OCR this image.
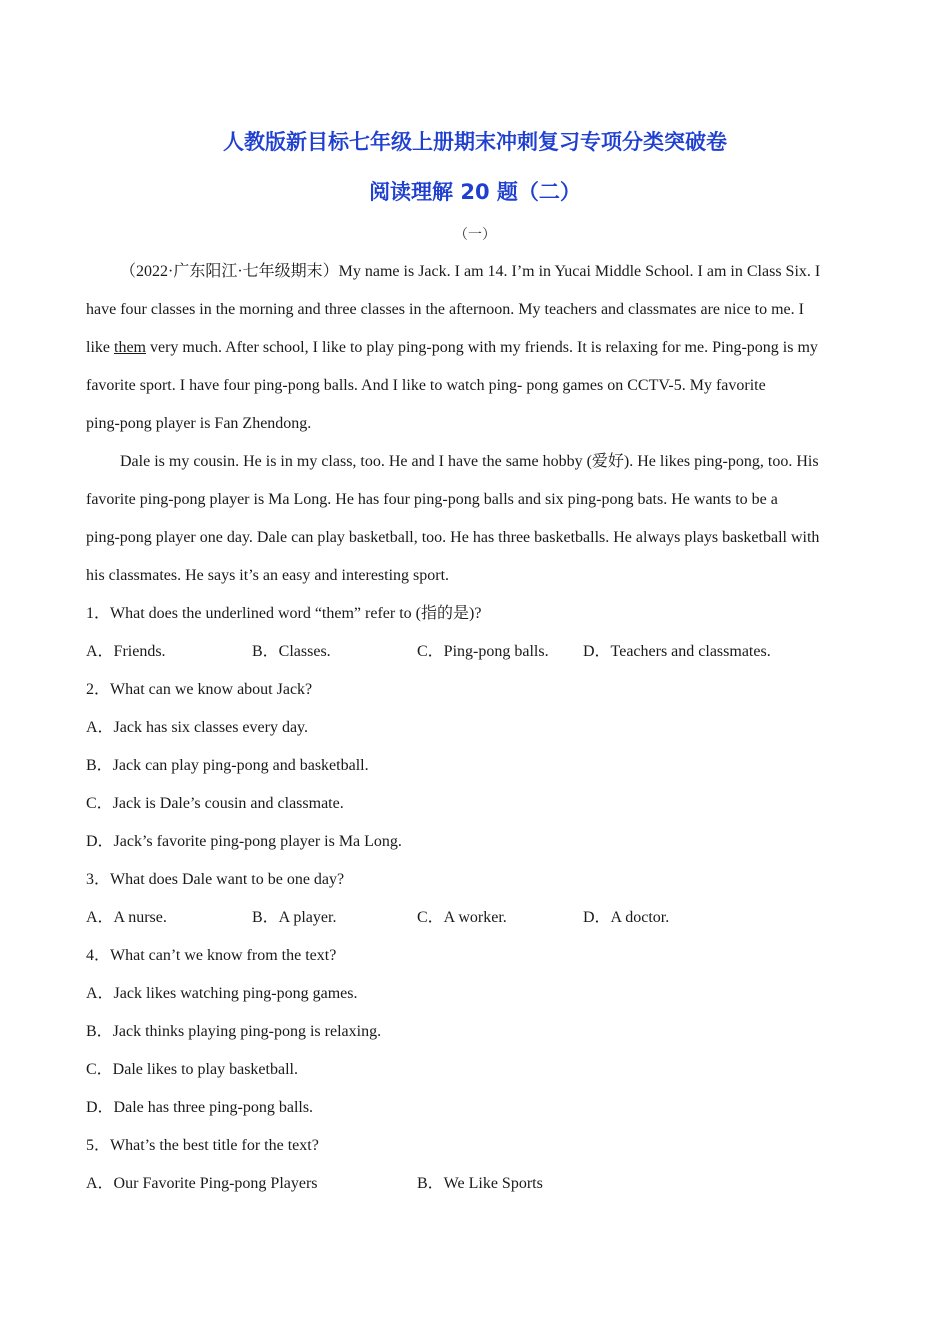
人教版新目标七年级上册期末冲刺复习专项分类突破卷
阅读理解 20 题（二）
（一）
（2022·广东阳江·七年级期末）My name is Jack. I am 14. I’m in Yucai Middle School. I am in Class Six. I
have four classes in the morning and three classes in the afternoon. My teachers and classmates are nice to me. I
like them very much. After school, I like to play ping-pong with my friends. It is relaxing for me. Ping-pong is my
favorite sport. I have four ping-pong balls. And I like to watch ping- pong games on CCTV-5. My favorite
ping-pong player is Fan Zhendong.
Dale is my cousin. He is in my class, too. He and I have the same hobby (爱好). He likes ping-pong, too. His
favorite ping-pong player is Ma Long. He has four ping-pong balls and six ping-pong bats. He wants to be a
ping-pong player one day. Dale can play basketball, too. He has three basketballs. He always plays basketball with
his classmates. He says it’s an easy and interesting sport.
1．What does the underlined word “them” refer to (指的是)?
A．Friends.	B．Classes.	C．Ping-pong balls. D．Teachers and classmates.
2．What can we know about Jack?
A．Jack has six classes every day.
B．Jack can play ping-pong and basketball.
C．Jack is Dale’s cousin and classmate.
D．Jack’s favorite ping-pong player is Ma Long.
3．What does Dale want to be one day?
A．A nurse.	B．A player.	C．A worker.	D．A doctor.
4．What can’t we know from the text?
A．Jack likes watching ping-pong games.
B．Jack thinks playing ping-pong is relaxing.
C．Dale likes to play basketball.
D．Dale has three ping-pong balls.
5．What’s the best title for the text?
A．Our Favorite Ping-pong Players	B．We Like Sports
